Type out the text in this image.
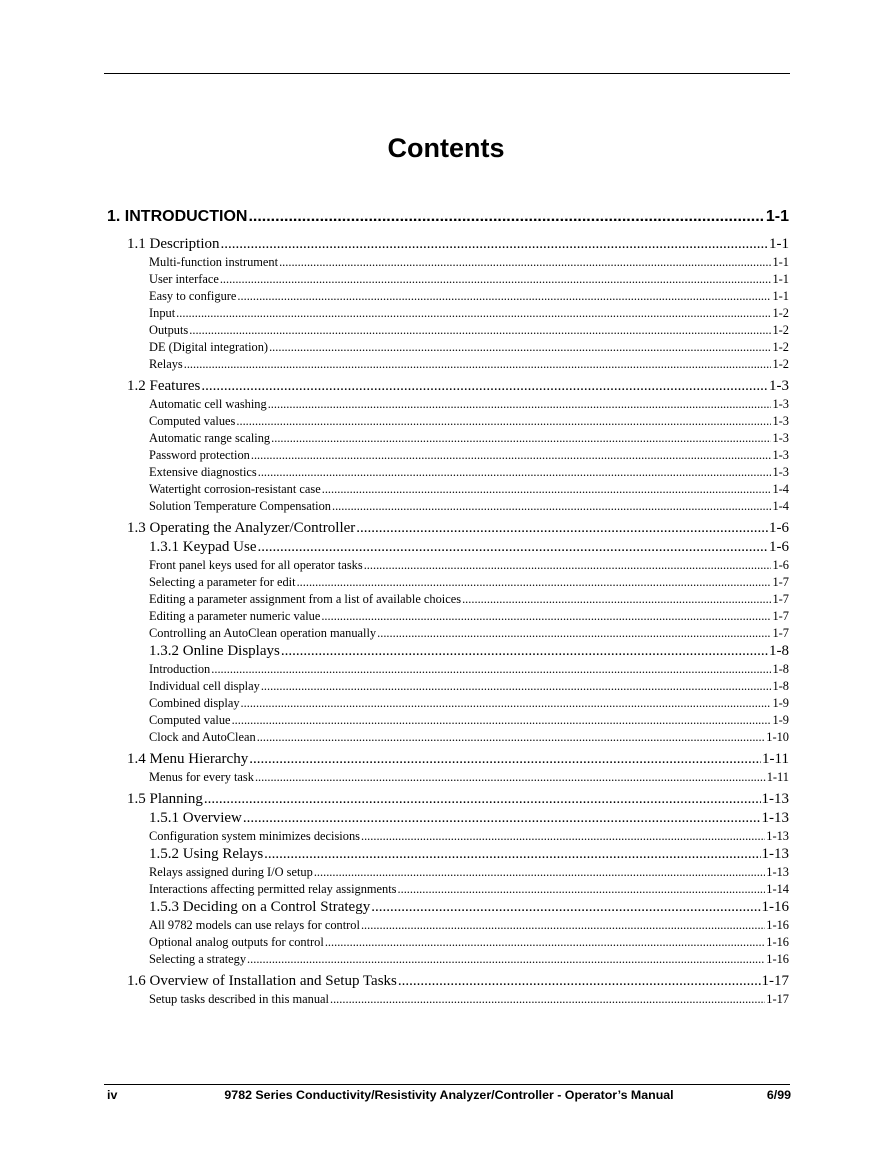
Contents
1. INTRODUCTION .....	1-1
1.1 Description .....	1-1
Multi-function instrument .....	1-1
User interface .....	1-1
Easy to configure .....	1-1
Input .....	1-2
Outputs .....	1-2
DE (Digital integration) .....	1-2
Relays .....	1-2
1.2 Features .....	1-3
Automatic cell washing .....	1-3
Computed values .....	1-3
Automatic range scaling .....	1-3
Password protection .....	1-3
Extensive diagnostics .....	1-3
Watertight corrosion-resistant case .....	1-4
Solution Temperature Compensation .....	1-4
1.3 Operating the Analyzer/Controller .....	1-6
1.3.1 Keypad Use .....	1-6
Front panel keys used for all operator tasks .....	1-6
Selecting a parameter for edit .....	1-7
Editing a parameter assignment from a list of available choices .....	1-7
Editing a parameter numeric value .....	1-7
Controlling an AutoClean operation manually .....	1-7
1.3.2 Online Displays .....	1-8
Introduction .....	1-8
Individual cell display .....	1-8
Combined display .....	1-9
Computed value .....	1-9
Clock and AutoClean .....	1-10
1.4 Menu Hierarchy .....	1-11
Menus for every task .....	1-11
1.5 Planning .....	1-13
1.5.1 Overview .....	1-13
Configuration system minimizes decisions .....	1-13
1.5.2 Using Relays .....	1-13
Relays assigned during I/O setup .....	1-13
Interactions affecting permitted relay assignments .....	1-14
1.5.3 Deciding on a Control Strategy .....	1-16
All 9782 models can use relays for control .....	1-16
Optional analog outputs for control .....	1-16
Selecting a strategy .....	1-16
1.6 Overview of Installation and Setup Tasks .....	1-17
Setup tasks described in this manual .....	1-17
iv	9782 Series Conductivity/Resistivity Analyzer/Controller - Operator’s Manual	6/99
